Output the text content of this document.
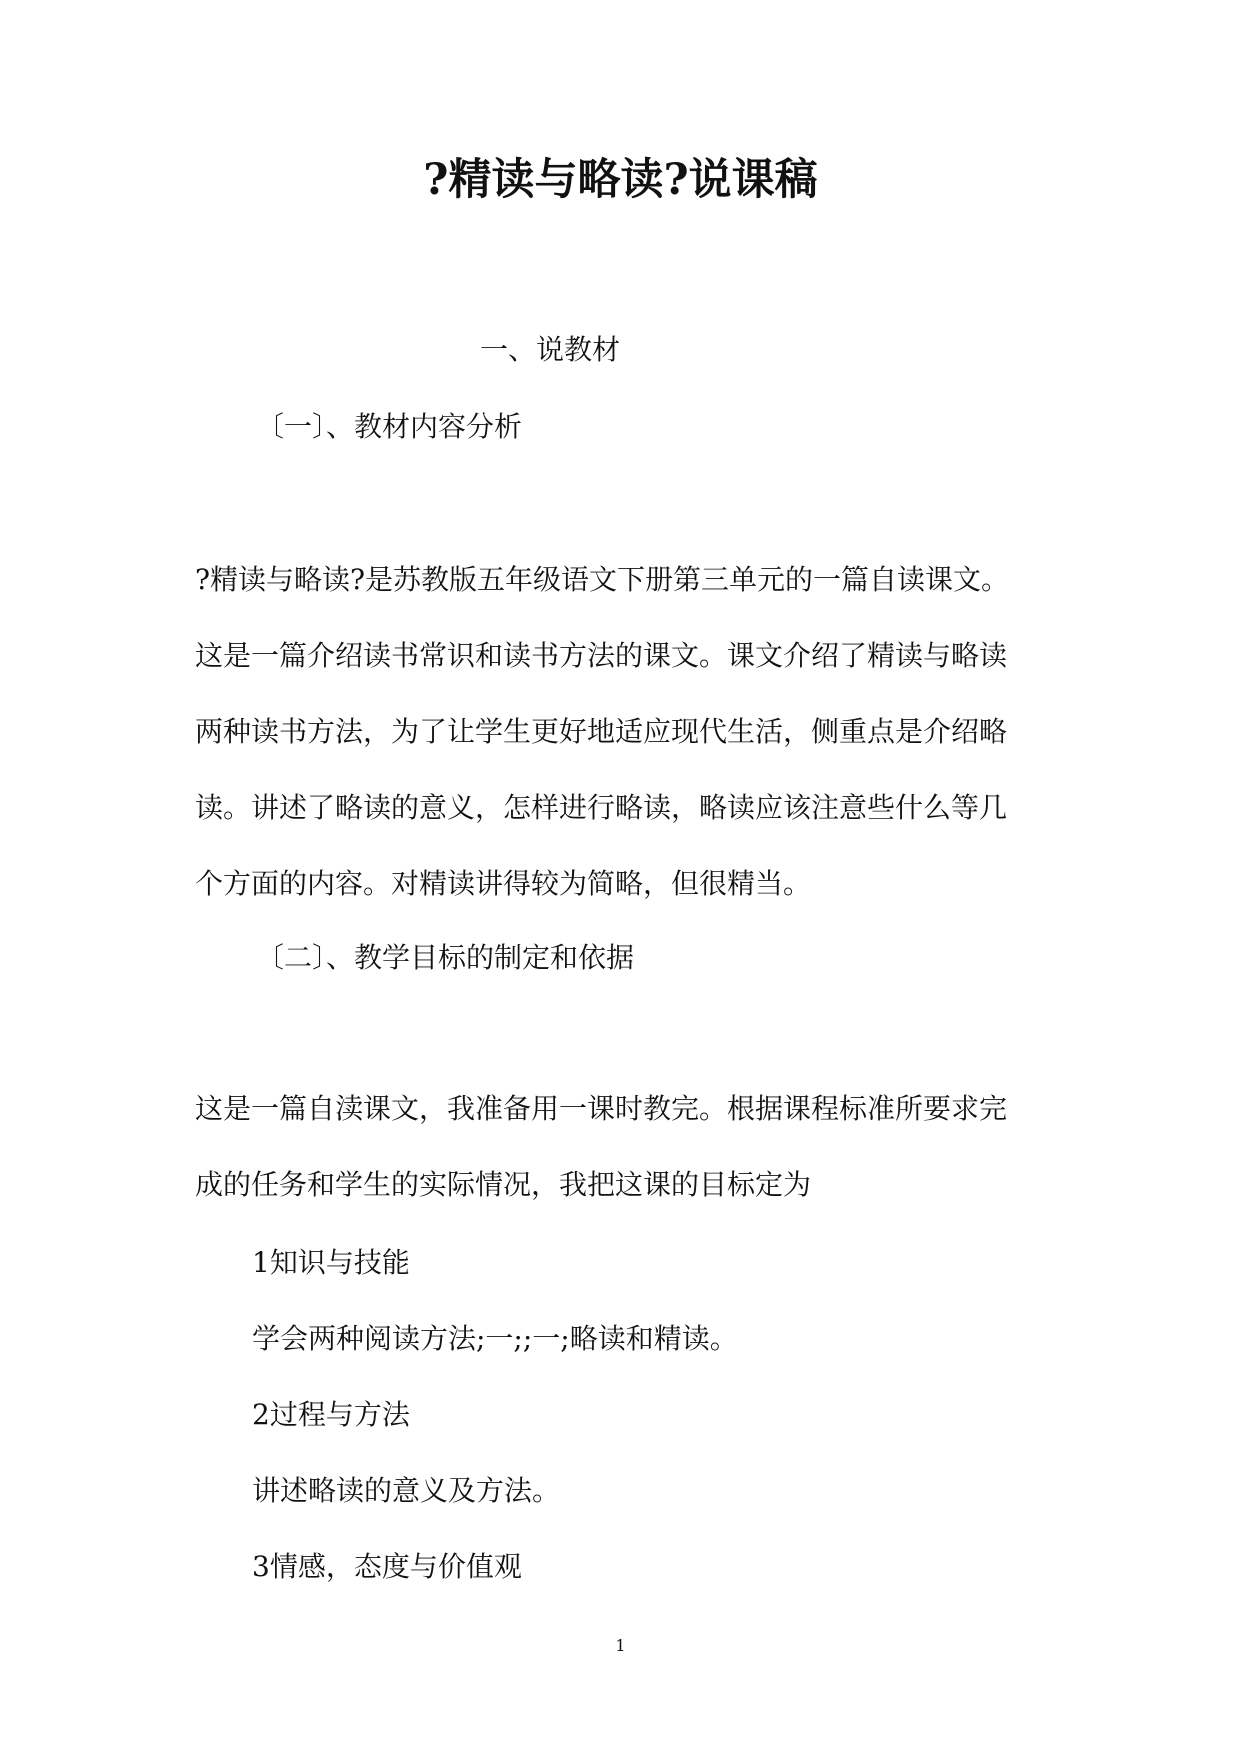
?精读与略读?说课稿

一、说教材

〔一〕、教材内容分析

?精读与略读?是苏教版五年级语文下册第三单元的一篇自读课文。
这是一篇介绍读书常识和读书方法的课文。课文介绍了精读与略读
两种读书方法，为了让学生更好地适应现代生活，侧重点是介绍略
读。讲述了略读的意义，怎样进行略读，略读应该注意些什么等几
个方面的内容。对精读讲得较为简略，但很精当。

〔二〕、教学目标的制定和依据

这是一篇自渎课文，我准备用一课时教完。根据课程标准所要求完
成的任务和学生的实际情况，我把这课的目标定为

1知识与技能

学会两种阅读方法;一;;一;略读和精读。

2过程与方法

讲述略读的意义及方法。

3情感，态度与价值观

1
